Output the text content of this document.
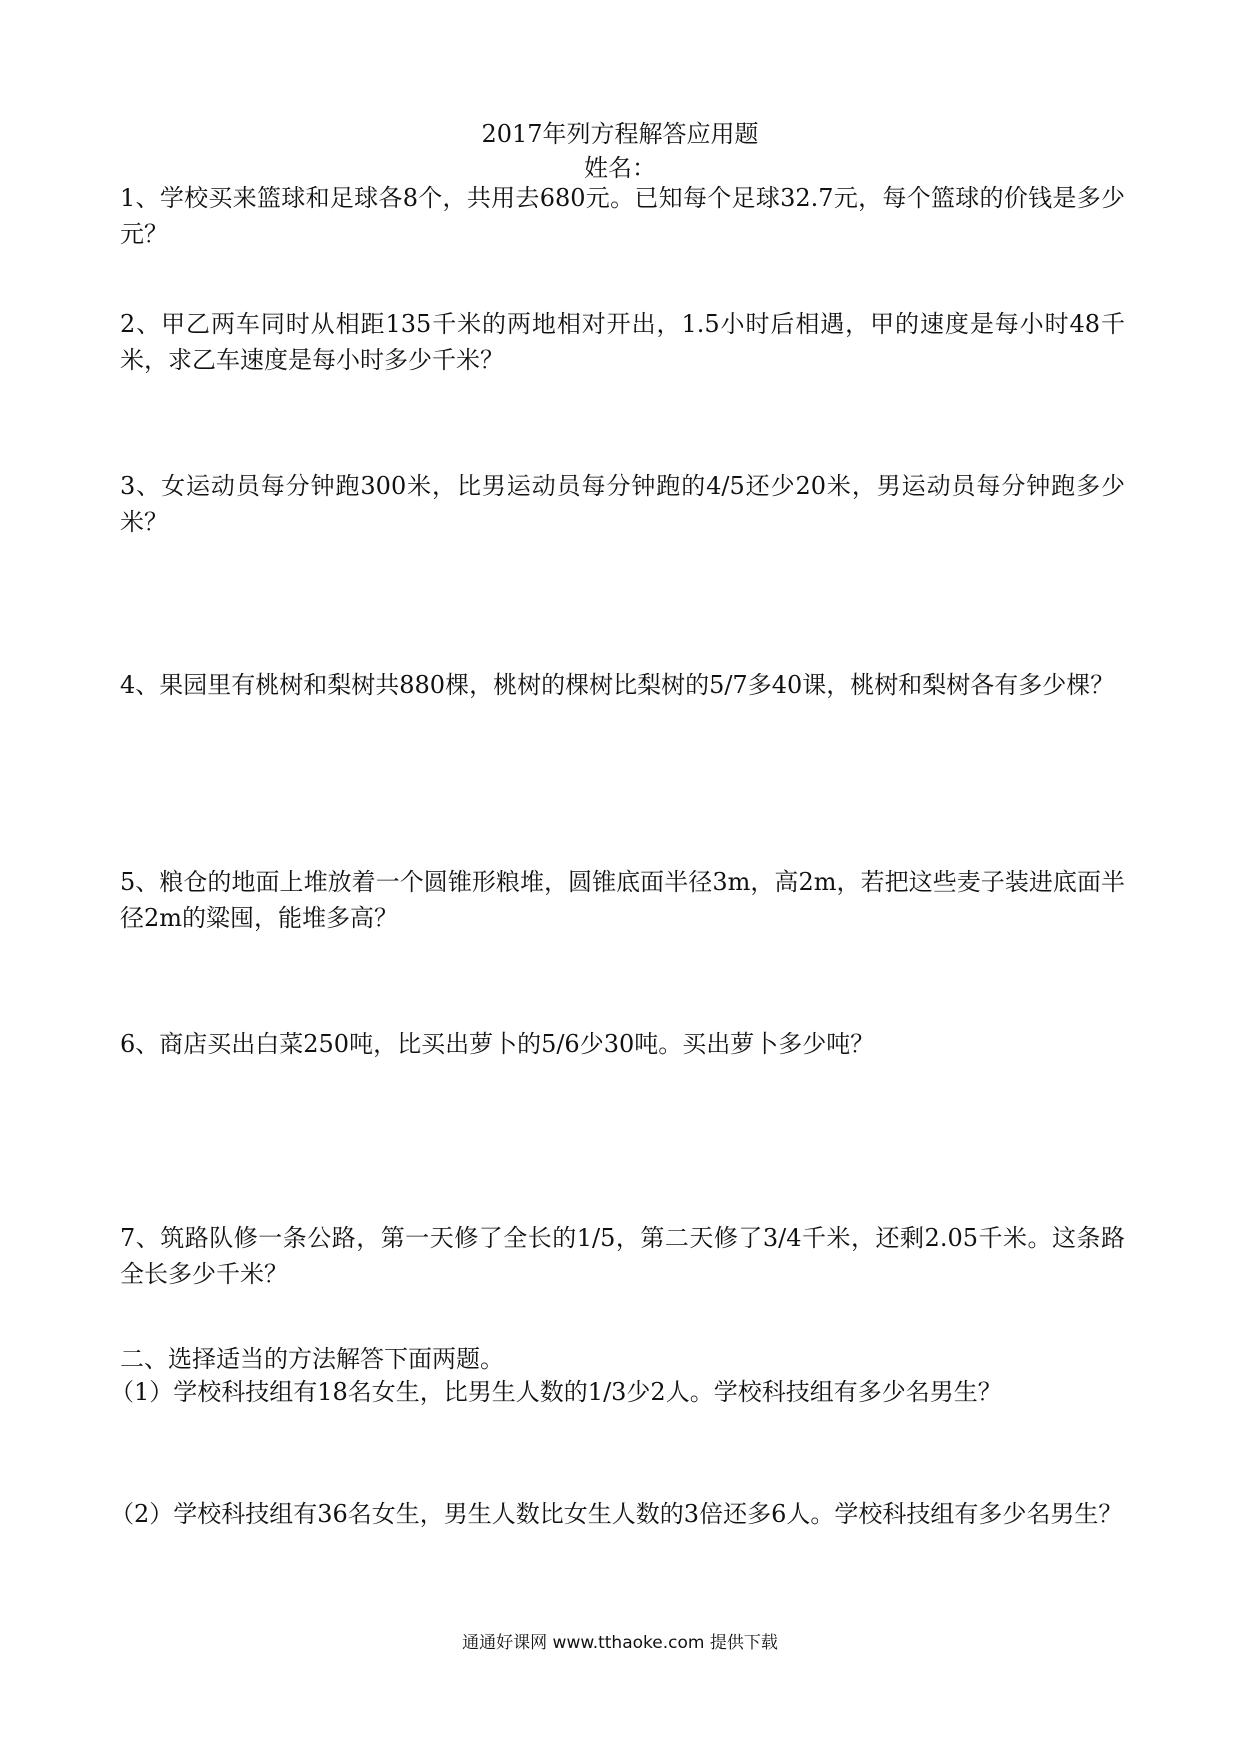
2017年列方程解答应用题
姓名：

1、学校买来篮球和足球各8个，共用去680元。已知每个足球32.7元，每个篮球的价钱是多少元？

2、甲乙两车同时从相距135千米的两地相对开出，1.5小时后相遇，甲的速度是每小时48千米，求乙车速度是每小时多少千米？

3、女运动员每分钟跑300米，比男运动员每分钟跑的4/5还少20米，男运动员每分钟跑多少米？

4、果园里有桃树和梨树共880棵，桃树的棵树比梨树的5/7多40课，桃树和梨树各有多少棵？

5、粮仓的地面上堆放着一个圆锥形粮堆，圆锥底面半径3m，高2m，若把这些麦子装进底面半径2m的粱囤，能堆多高？

6、商店买出白菜250吨，比买出萝卜的5/6少30吨。买出萝卜多少吨？

7、筑路队修一条公路，第一天修了全长的1/5，第二天修了3/4千米，还剩2.05千米。这条路全长多少千米？

二、选择适当的方法解答下面两题。

（1）学校科技组有18名女生，比男生人数的1/3少2人。学校科技组有多少名男生？

（2）学校科技组有36名女生，男生人数比女生人数的3倍还多6人。学校科技组有多少名男生？

通通好课网 www.tthaoke.com 提供下载
